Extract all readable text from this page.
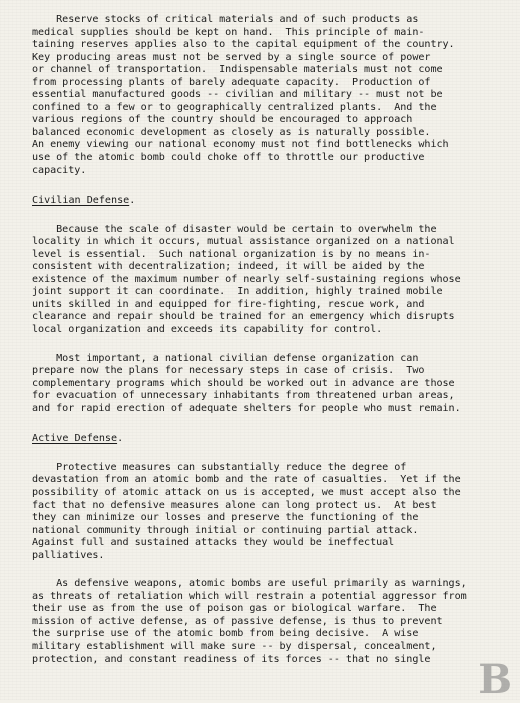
Reserve stocks of critical materials and of such products as
medical supplies should be kept on hand.  This principle of main-
taining reserves applies also to the capital equipment of the country.
Key producing areas must not be served by a single source of power
or channel of transportation.  Indispensable materials must not come
from processing plants of barely adequate capacity.  Production of
essential manufactured goods -- civilian and military -- must not be
confined to a few or to geographically centralized plants.  And the
various regions of the country should be encouraged to approach
balanced economic development as closely as is naturally possible.
An enemy viewing our national economy must not find bottlenecks which
use of the atomic bomb could choke off to throttle our productive
capacity.

Civilian Defense.

Because the scale of disaster would be certain to overwhelm the
locality in which it occurs, mutual assistance organized on a national
level is essential.  Such national organization is by no means in-
consistent with decentralization; indeed, it will be aided by the
existence of the maximum number of nearly self-sustaining regions whose
joint support it can coordinate.  In addition, highly trained mobile
units skilled in and equipped for fire-fighting, rescue work, and
clearance and repair should be trained for an emergency which disrupts
local organization and exceeds its capability for control.

Most important, a national civilian defense organization can
prepare now the plans for necessary steps in case of crisis.  Two
complementary programs which should be worked out in advance are those
for evacuation of unnecessary inhabitants from threatened urban areas,
and for rapid erection of adequate shelters for people who must remain.

Active Defense.

Protective measures can substantially reduce the degree of
devastation from an atomic bomb and the rate of casualties.  Yet if the
possibility of atomic attack on us is accepted, we must accept also the
fact that no defensive measures alone can long protect us.  At best
they can minimize our losses and preserve the functioning of the
national community through initial or continuing partial attack.
Against full and sustained attacks they would be ineffectual
palliatives.

As defensive weapons, atomic bombs are useful primarily as warnings,
as threats of retaliation which will restrain a potential aggressor from
their use as from the use of poison gas or biological warfare.  The
mission of active defense, as of passive defense, is thus to prevent
the surprise use of the atomic bomb from being decisive.  A wise
military establishment will make sure -- by dispersal, concealment,
protection, and constant readiness of its forces -- that no single	B
